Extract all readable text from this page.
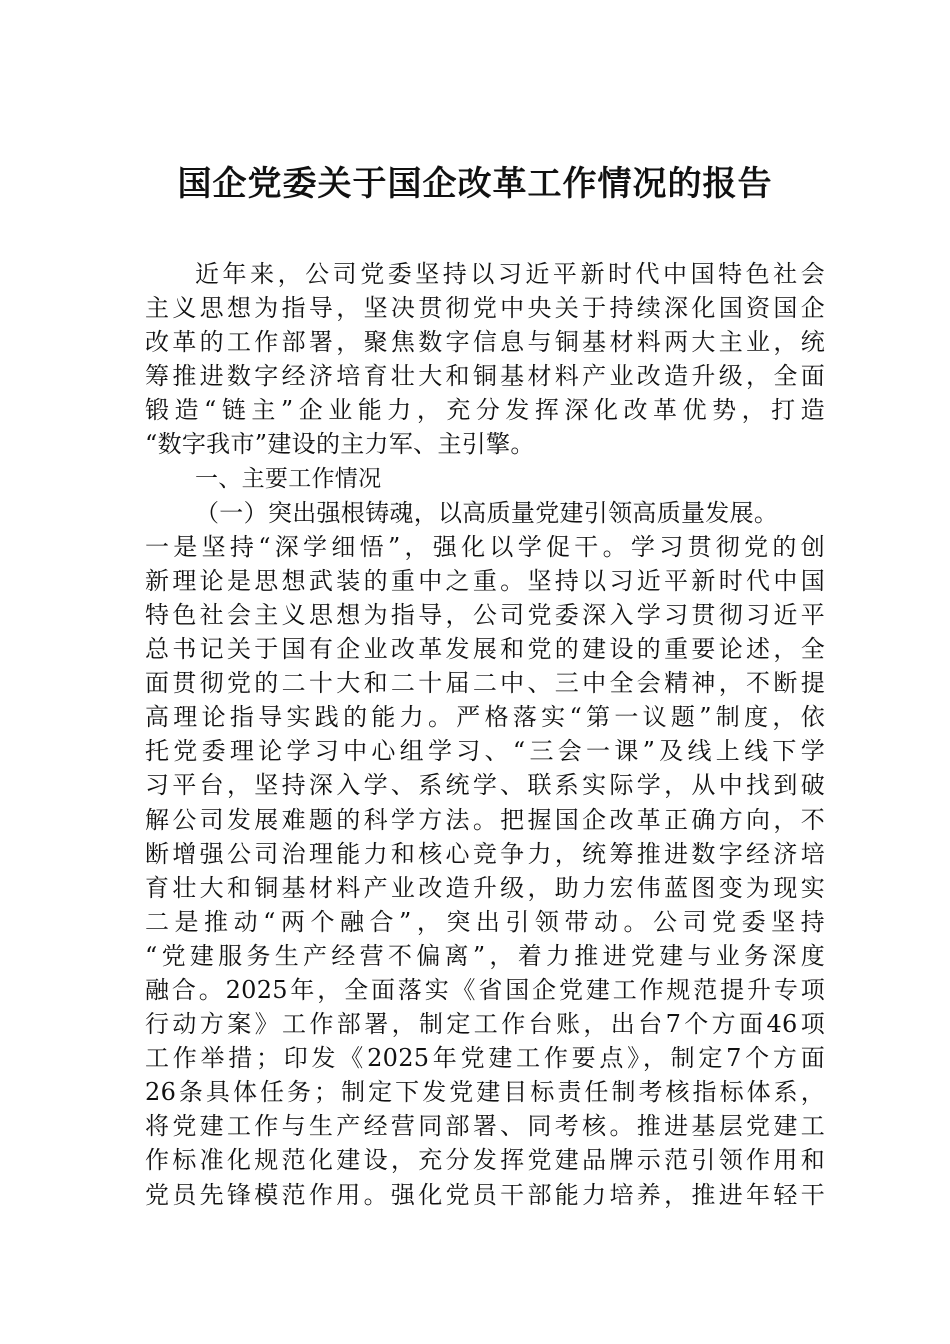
国企党委关于国企改革工作情况的报告
近年来，公司党委坚持以习近平新时代中国特色社会
主义思想为指导，坚决贯彻党中央关于持续深化国资国企
改革的工作部署，聚焦数字信息与铜基材料两大主业，统
筹推进数字经济培育壮大和铜基材料产业改造升级，全面
锻造“链主”企业能力，充分发挥深化改革优势，打造
“数字我市”建设的主力军、主引擎。
一、主要工作情况
（一）突出强根铸魂，以高质量党建引领高质量发展。
一是坚持“深学细悟”，强化以学促干。学习贯彻党的创
新理论是思想武装的重中之重。坚持以习近平新时代中国
特色社会主义思想为指导，公司党委深入学习贯彻习近平
总书记关于国有企业改革发展和党的建设的重要论述，全
面贯彻党的二十大和二十届二中、三中全会精神，不断提
高理论指导实践的能力。严格落实“第一议题”制度，依
托党委理论学习中心组学习、“三会一课”及线上线下学
习平台，坚持深入学、系统学、联系实际学，从中找到破
解公司发展难题的科学方法。把握国企改革正确方向，不
断增强公司治理能力和核心竞争力，统筹推进数字经济培
育壮大和铜基材料产业改造升级，助力宏伟蓝图变为现实
二是推动“两个融合”，突出引领带动。公司党委坚持
“党建服务生产经营不偏离”，着力推进党建与业务深度
融合。2025年，全面落实《省国企党建工作规范提升专项
行动方案》工作部署，制定工作台账，出台7个方面46项
工作举措；印发《2025年党建工作要点》，制定7个方面
26条具体任务；制定下发党建目标责任制考核指标体系，
将党建工作与生产经营同部署、同考核。推进基层党建工
作标准化规范化建设，充分发挥党建品牌示范引领作用和
党员先锋模范作用。强化党员干部能力培养，推进年轻干
